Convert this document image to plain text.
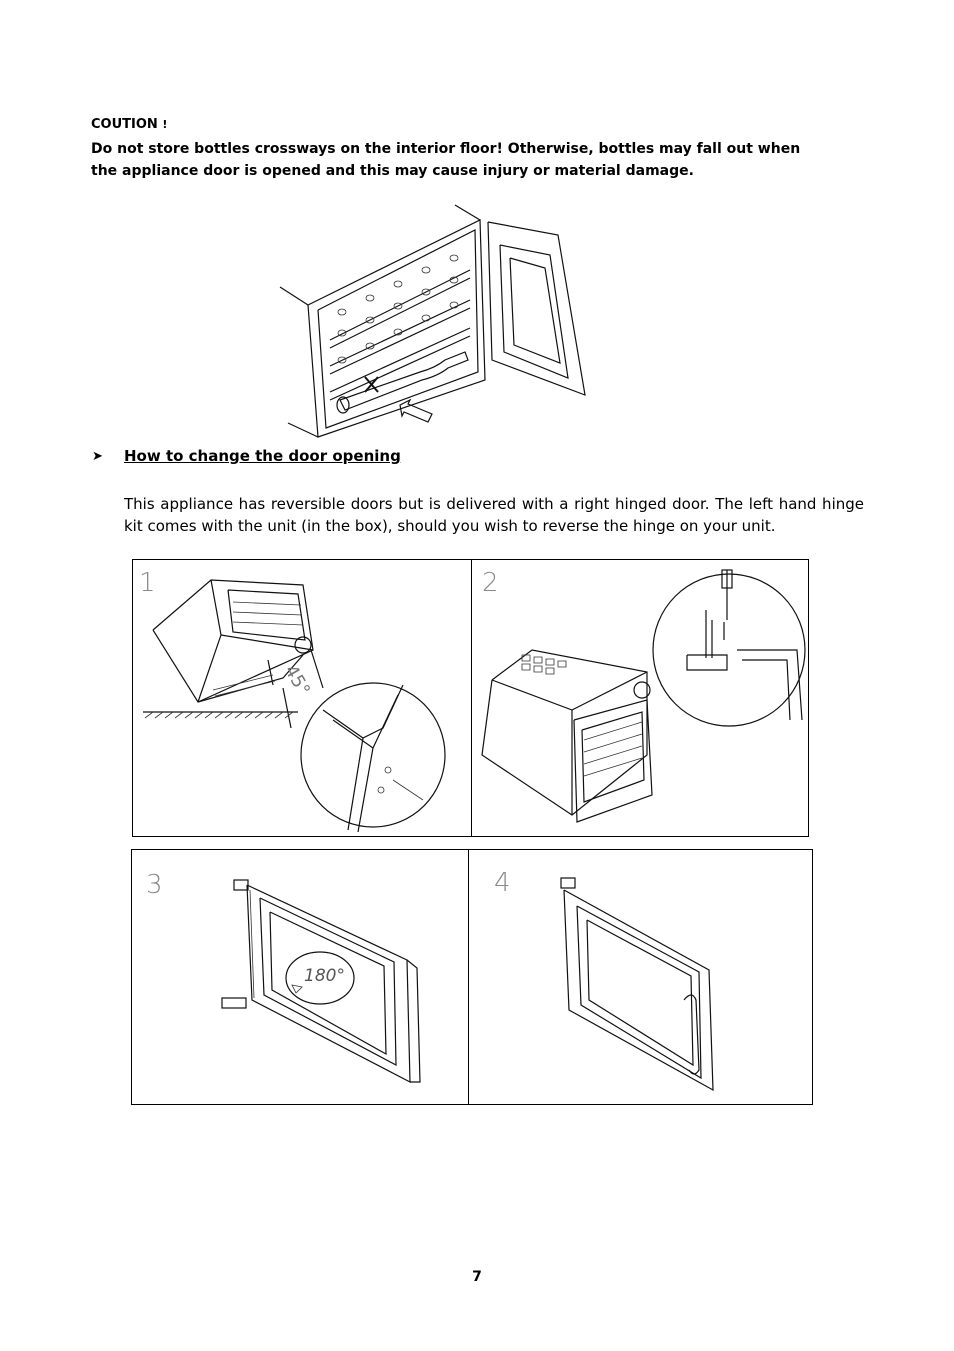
COUTION !
Do not store bottles crossways on the interior floor! Otherwise, bottles may fall out when the appliance door is opened and this may cause injury or material damage.
➤ How to change the door opening
This appliance has reversible doors but is delivered with a right hinged door. The left hand hinge kit comes with the unit (in the box), should you wish to reverse the hinge on your unit.
1
45°
2
3
180°
4
7
